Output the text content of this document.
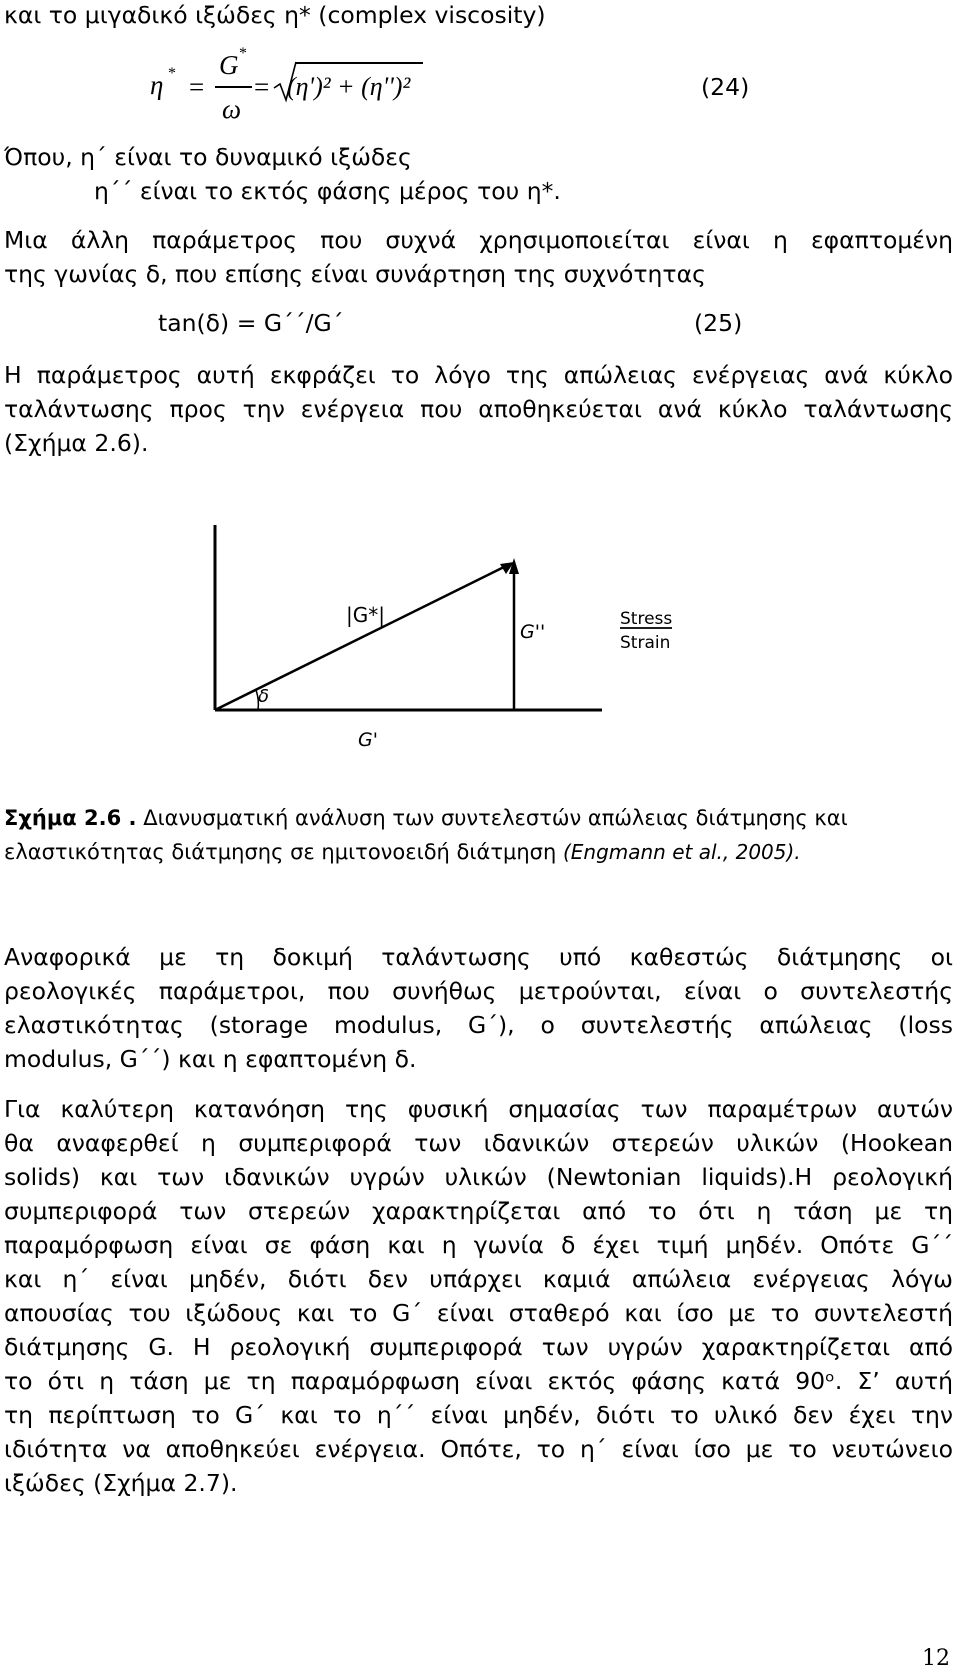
και το μιγαδικό ιξώδες η* (complex viscosity)
η * =
G *
ω
= (η')² + (η'')²	(24)
Όπου, η΄ είναι το δυναμικό ιξώδες
η΄΄ είναι το εκτός φάσης μέρος του η*.
Μια άλλη παράμετρος που συχνά χρησιμοποιείται είναι η εφαπτομένη
της γωνίας δ, που επίσης είναι συνάρτηση της συχνότητας
tan(δ) = G΄΄/G΄	(25)
Η παράμετρος αυτή εκφράζει το λόγο της απώλειας ενέργειας ανά κύκλο
ταλάντωσης προς την ενέργεια που αποθηκεύεται ανά κύκλο ταλάντωσης
(Σχήμα 2.6).
|G*|
G''
δ
G'
Stress
Strain
Σχήμα 2.6 . Διανυσματική ανάλυση των συντελεστών απώλειας διάτμησης και
ελαστικότητας διάτμησης σε ημιτονοειδή διάτμηση (Engmann et al., 2005).
Αναφορικά με τη δοκιμή ταλάντωσης υπό καθεστώς διάτμησης οι
ρεολογικές παράμετροι, που συνήθως μετρούνται, είναι ο συντελεστής
ελαστικότητας (storage modulus, G΄), ο συντελεστής απώλειας (loss
modulus, G΄΄) και η εφαπτομένη δ.
Για καλύτερη κατανόηση της φυσική σημασίας των παραμέτρων αυτών
θα αναφερθεί η συμπεριφορά των ιδανικών στερεών υλικών (Hookean
solids) και των ιδανικών υγρών υλικών (Newtonian liquids).Η ρεολογική
συμπεριφορά των στερεών χαρακτηρίζεται από το ότι η τάση με τη
παραμόρφωση είναι σε φάση και η γωνία δ έχει τιμή μηδέν. Οπότε G΄΄
και η΄ είναι μηδέν, διότι δεν υπάρχει καμιά απώλεια ενέργειας λόγω
απουσίας του ιξώδους και το G΄ είναι σταθερό και ίσο με το συντελεστή
διάτμησης G. Η ρεολογική συμπεριφορά των υγρών χαρακτηρίζεται από
το ότι η τάση με τη παραμόρφωση είναι εκτός φάσης κατά 90ᵒ. Σ’ αυτή
τη περίπτωση το G΄ και το η΄΄ είναι μηδέν, διότι το υλικό δεν έχει την
ιδιότητα να αποθηκεύει ενέργεια. Οπότε, το η΄ είναι ίσο με το νευτώνειο
ιξώδες (Σχήμα 2.7).
12
